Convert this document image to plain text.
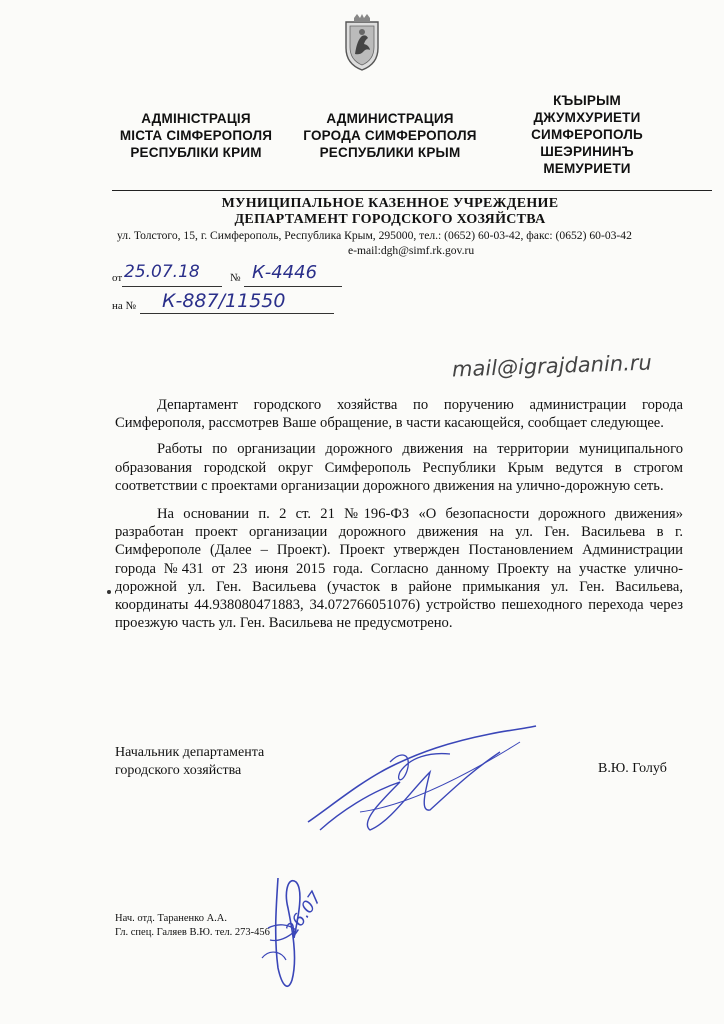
АДМІНІСТРАЦІЯ
МІСТА СІМФЕРОПОЛЯ
РЕСПУБЛІКИ КРИМ
АДМИНИСТРАЦИЯ
ГОРОДА СИМФЕРОПОЛЯ
РЕСПУБЛИКИ КРЫМ
КЪЫРЫМ
ДЖУМХУРИЕТИ
СИМФЕРОПОЛЬ
ШЕЭРИНИНЪ
МЕМУРИЕТИ
МУНИЦИПАЛЬНОЕ КАЗЕННОЕ УЧРЕЖДЕНИЕ
ДЕПАРТАМЕНТ ГОРОДСКОГО ХОЗЯЙСТВА
ул. Толстого, 15, г. Симферополь, Республика Крым, 295000, тел.: (0652) 60-03-42, факс: (0652) 60-03-42
e-mail:dgh@simf.rk.gov.ru
от 25.07.18	№ К-4446
на № К-887/11550
mail@igrajdanin.ru

Департамент городского хозяйства по поручению администрации города Симферополя, рассмотрев Ваше обращение, в части касающейся, сообщает следующее.

Работы по организации дорожного движения на территории муниципального образования городской округ Симферополь Республики Крым ведутся в строгом соответствии с проектами организации дорожного движения на улично-дорожную сеть.

На основании п. 2 ст. 21 №196-ФЗ «О безопасности дорожного движения» разработан проект организации дорожного движения на ул. Ген. Васильева в г. Симферополе (Далее – Проект). Проект утвержден Постановлением Администрации города №431 от 23 июня 2015 года. Согласно данному Проекту на участке улично-дорожной ул. Ген. Васильева (участок в районе примыкания ул. Ген. Васильева, координаты 44.938080471883, 34.072766051076) устройство пешеходного перехода через проезжую часть ул. Ген. Васильева не предусмотрено.

Начальник департамента
городского хозяйства	В.Ю. Голуб
Нач. отд. Тараненко А.А.
Гл. спец. Галяев В.Ю. тел. 273-456 26.07
